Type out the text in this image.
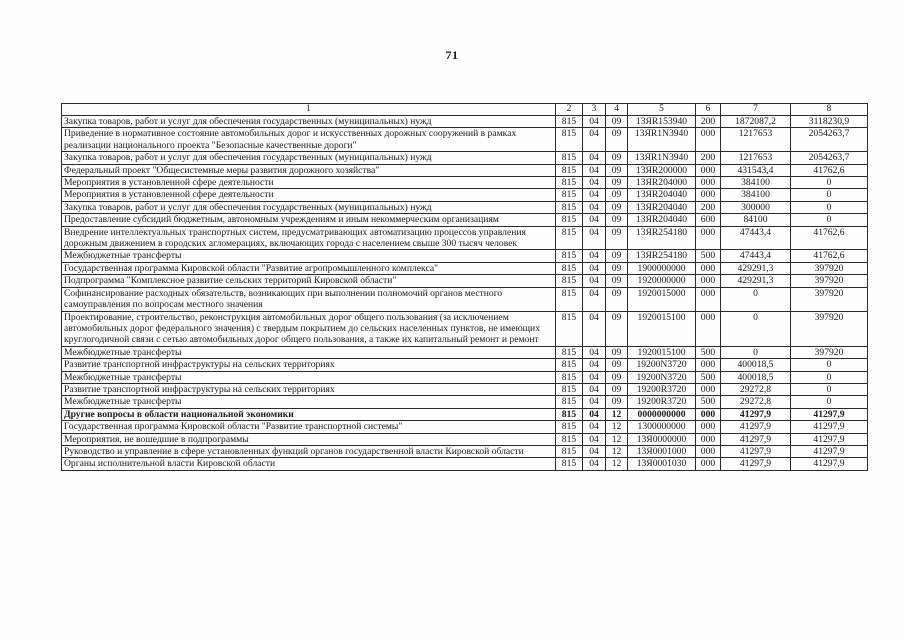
71
1	2	3	4	5	6	7	8
Закупка товаров, работ и услуг для обеспечения государственных (муниципальных) нужд	815	04	09	13ЯR153940	200	1872087,2	3118230,9
Приведение в нормативное состояние автомобильных дорог и искусственных дорожных сооружений в рамках реализации национального проекта "Безопасные качественные дороги"	815	04	09	13ЯR1N3940	000	1217653	2054263,7
Закупка товаров, работ и услуг для обеспечения государственных (муниципальных) нужд	815	04	09	13ЯR1N3940	200	1217653	2054263,7
Федеральный проект "Общесистемные меры развития дорожного хозяйства"	815	04	09	13ЯR200000	000	431543,4	41762,6
Мероприятия в установленной сфере деятельности	815	04	09	13ЯR204000	000	384100	0
Мероприятия в установленной сфере деятельности	815	04	09	13ЯR204040	000	384100	0
Закупка товаров, работ и услуг для обеспечения государственных (муниципальных) нужд	815	04	09	13ЯR204040	200	300000	0
Предоставление субсидий бюджетным, автономным учреждениям и иным некоммерческим организациям	815	04	09	13ЯR204040	600	84100	0
Внедрение интеллектуальных транспортных систем, предусматривающих автоматизацию процессов управления дорожным движением в городских агломерациях, включающих города с населением свыше 300 тысяч человек	815	04	09	13ЯR254180	000	47443,4	41762,6
Межбюджетные трансферты	815	04	09	13ЯR254180	500	47443,4	41762,6
Государственная программа Кировской области "Развитие агропромышленного комплекса"	815	04	09	1900000000	000	429291,3	397920
Подпрограмма "Комплексное развитие сельских территорий Кировской области"	815	04	09	1920000000	000	429291,3	397920
Софинансирование расходных обязательств, возникающих при выполнении полномочий органов местного самоуправления по вопросам местного значения	815	04	09	1920015000	000	0	397920
Проектирование, строительство, реконструкция автомобильных дорог общего пользования (за исключением автомобильных дорог федерального значения) с твердым покрытием до сельских населенных пунктов, не имеющих круглогодичной связи с сетью автомобильных дорог общего пользования, а также их капитальный ремонт и ремонт	815	04	09	1920015100	000	0	397920
Межбюджетные трансферты	815	04	09	1920015100	500	0	397920
Развитие транспортной инфраструктуры на сельских территориях	815	04	09	19200N3720	000	400018,5	0
Межбюджетные трансферты	815	04	09	19200N3720	500	400018,5	0
Развитие транспортной инфраструктуры на сельских территориях	815	04	09	19200R3720	000	29272,8	0
Межбюджетные трансферты	815	04	09	19200R3720	500	29272,8	0
Другие вопросы в области национальной экономики	815	04	12	0000000000	000	41297,9	41297,9
Государственная программа Кировской области "Развитие транспортной системы"	815	04	12	1300000000	000	41297,9	41297,9
Мероприятия, не вошедшие в подпрограммы	815	04	12	13Я0000000	000	41297,9	41297,9
Руководство и управление в сфере установленных функций органов государственной власти Кировской области	815	04	12	13Я0001000	000	41297,9	41297,9
Органы исполнительной власти Кировской области	815	04	12	13Я0001030	000	41297,9	41297,9
